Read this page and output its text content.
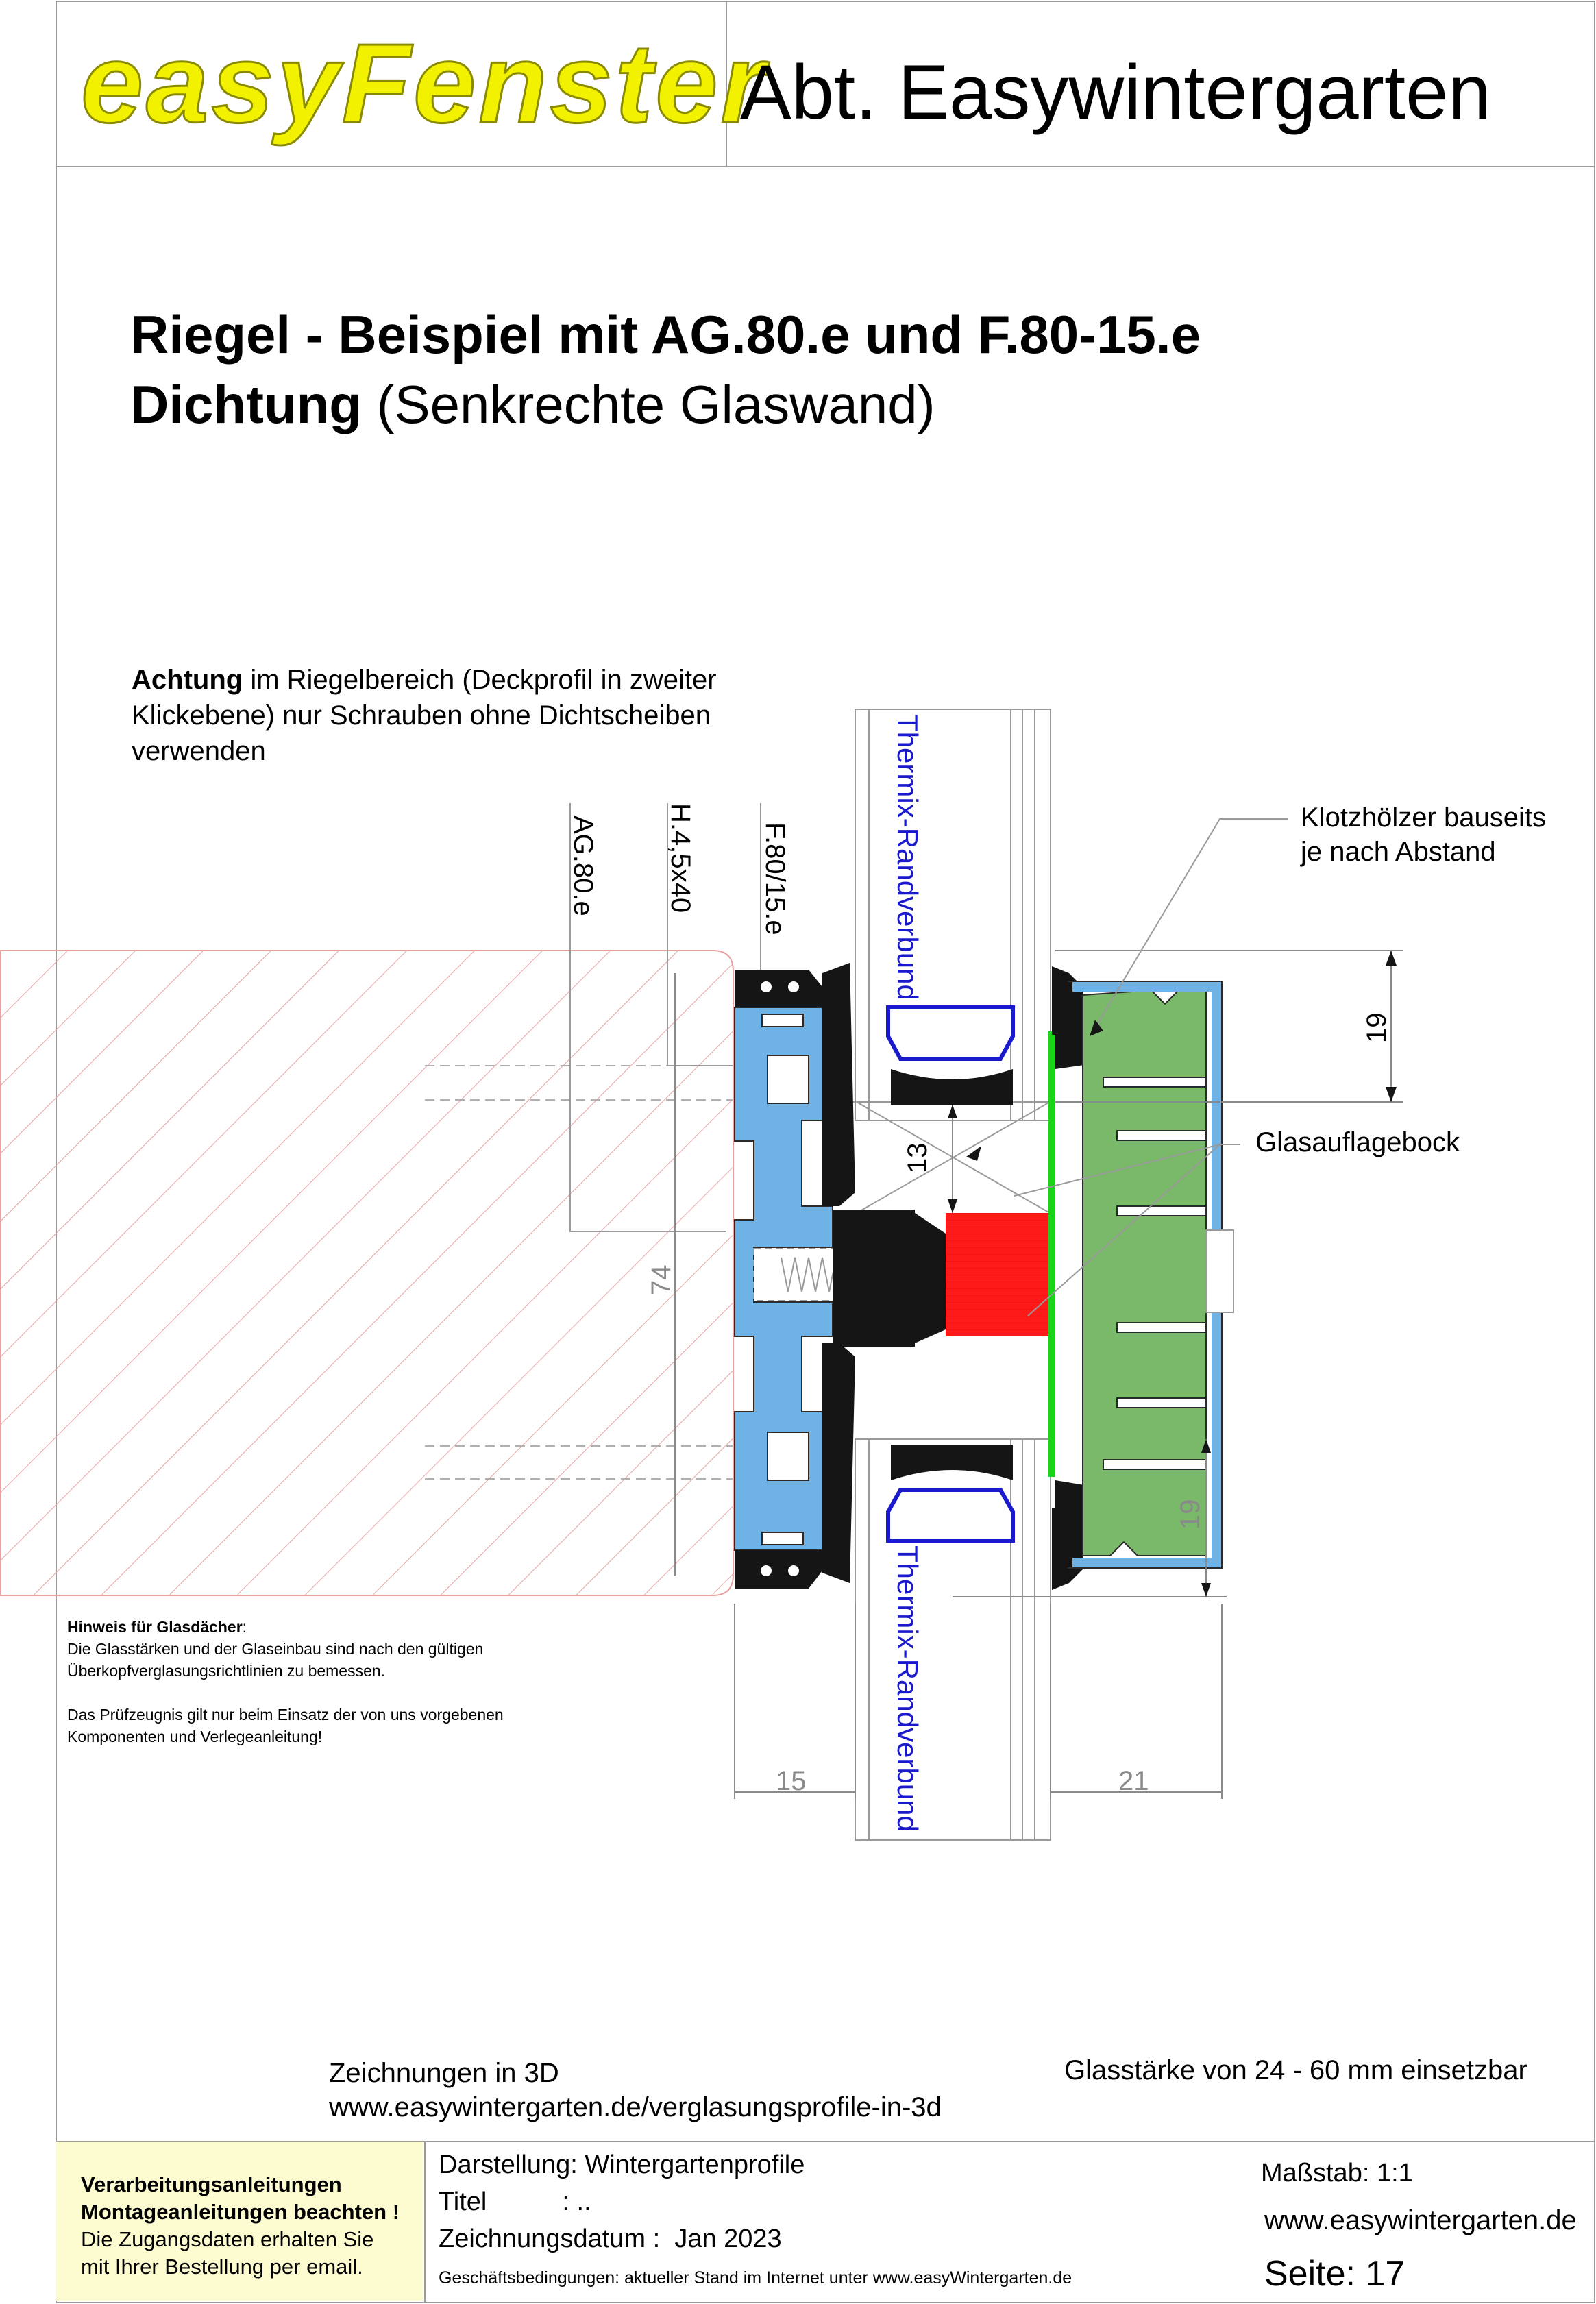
easyFenster
AG.80.e H.4,5x40 F.80/15.e	Thermix-Randverbund
Thermix-Randverbund
19
13
74
19
15	21
Abt. Easywintergarten
Riegel - Beispiel mit AG.80.e und F.80-15.e
Dichtung (Senkrechte Glaswand)
Achtung im Riegelbereich (Deckprofil in zweiter Klickebene) nur Schrauben ohne Dichtscheiben verwenden
Klotzhölzer bauseits
je nach Abstand
Glasauflagebock

Hinweis für Glasdächer:
Die Glasstärken und der Glaseinbau sind nach den gültigen Überkopfverglasungsrichtlinien zu bemessen.

Das Prüfzeugnis gilt nur beim Einsatz der von uns vorgebenen Komponenten und Verlegeanleitung!

Zeichnungen in 3D
www.easywintergarten.de/verglasungsprofile-in-3d
Glasstärke von 24 - 60 mm einsetzbar
Verarbeitungsanleitungen
Montageanleitungen beachten !
Die Zugangsdaten erhalten Sie
mit Ihrer Bestellung per email.
Darstellung: Wintergartenprofile
Titel	: ..
Zeichnungsdatum : Jan 2023
Geschäftsbedingungen: aktueller Stand im Internet unter www.easyWintergarten.de
Maßstab: 1:1
www.easywintergarten.de
Seite: 17
